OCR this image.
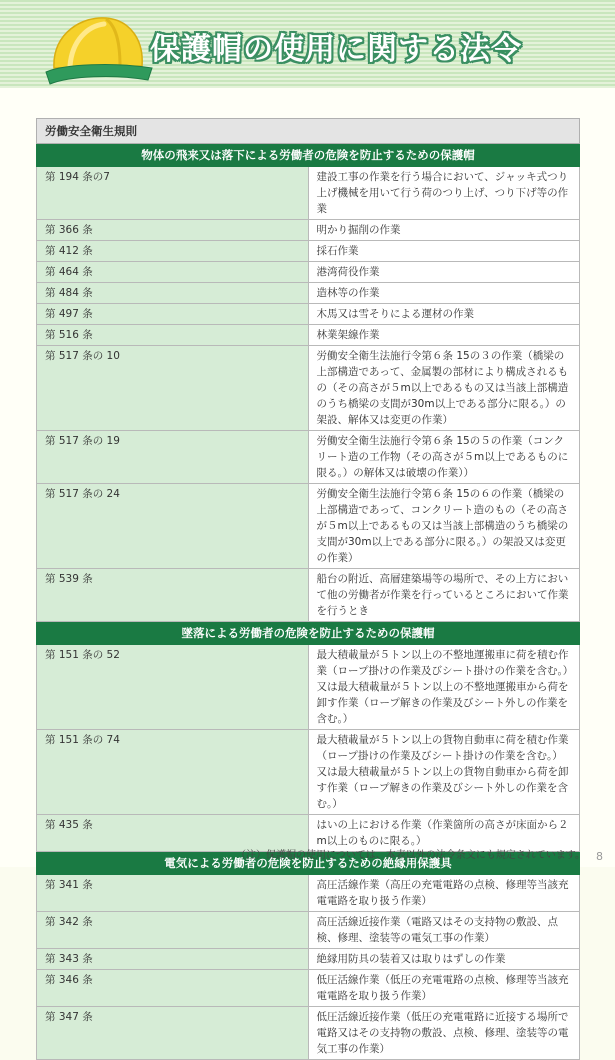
保護帽の使用に関する法令
労働安全衛生規則	
物体の飛来又は落下による労働者の危険を防止するための保護帽	
第 194 条の7	建設工事の作業を行う場合において、ジャッキ式つり上げ機械を用いて行う荷のつり上げ、つり下げ等の作業
第 366 条	明かり掘削の作業
第 412 条	採石作業
第 464 条	港湾荷役作業
第 484 条	造林等の作業
第 497 条	木馬又は雪そりによる運材の作業
第 516 条	林業架線作業
第 517 条の 10	労働安全衛生法施行令第６条 15の３の作業（橋梁の上部構造であって、金属製の部材により構成されるもの（その高さが５m以上であるもの又は当該上部構造のうち橋梁の支間が30m以上である部分に限る。）の架設、解体又は変更の作業）
第 517 条の 19	労働安全衛生法施行令第６条 15の５の作業（コンクリート造の工作物（その高さが５m以上であるものに限る。）の解体又は破壊の作業））
第 517 条の 24	労働安全衛生法施行令第６条 15の６の作業（橋梁の上部構造であって、コンクリート造のもの（その高さが５m以上であるもの又は当該上部構造のうち橋梁の支間が30m以上である部分に限る。）の架設又は変更の作業）
第 539 条	船台の附近、高層建築場等の場所で、その上方において他の労働者が作業を行っているところにおいて作業を行うとき
墜落による労働者の危険を防止するための保護帽	
第 151 条の 52	最大積載量が５トン以上の不整地運搬車に荷を積む作業（ロープ掛けの作業及びシート掛けの作業を含む。）又は最大積載量が５トン以上の不整地運搬車から荷を卸す作業（ロープ解きの作業及びシート外しの作業を含む。）
第 151 条の 74	最大積載量が５トン以上の貨物自動車に荷を積む作業（ロープ掛けの作業及びシート掛けの作業を含む。）又は最大積載量が５トン以上の貨物自動車から荷を卸す作業（ロープ解きの作業及びシート外しの作業を含む。）
第 435 条	はいの上における作業（作業箇所の高さが床面から２m以上のものに限る。）
電気による労働者の危険を防止するための絶縁用保護具	
第 341 条	高圧活線作業（高圧の充電電路の点検、修理等当該充電電路を取り扱う作業）
第 342 条	高圧活線近接作業（電路又はその支持物の敷設、点検、修理、塗装等の電気工事の作業）
第 343 条	絶縁用防具の装着又は取りはずしの作業
第 346 条	低圧活線作業（低圧の充電電路の点検、修理等当該充電電路を取り扱う作業）
第 347 条	低圧活線近接作業（低圧の充電電路に近接する場所で電路又はその支持物の敷設、点検、修理、塗装等の電気工事の作業）
（注）保護帽の使用については、本表以外の法令条文にも規定されています。 8
